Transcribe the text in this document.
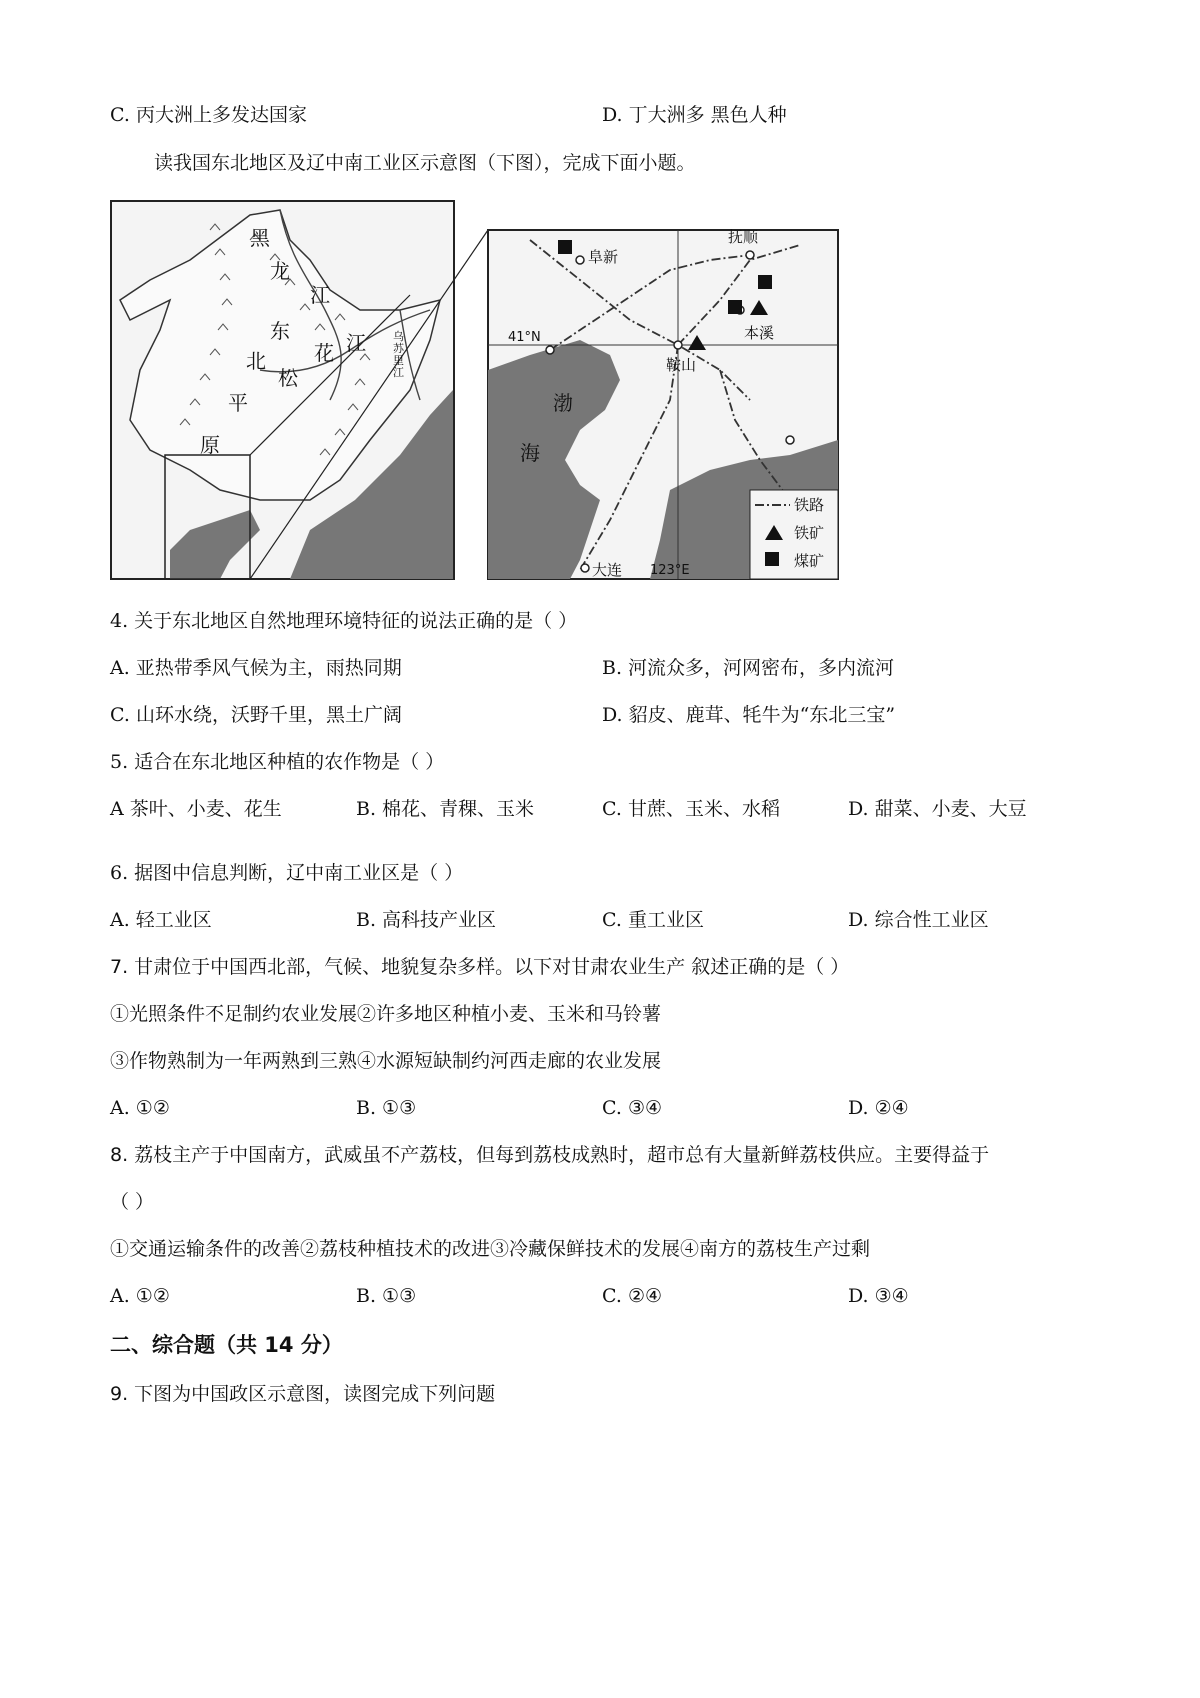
C. 丙大洲上多发达国家	D. 丁大洲多 黑色人种
读我国东北地区及辽中南工业区示意图（下图），完成下面小题。
黑
龙
江
东
北
松
花 江
平
原
乌
苏
里
江
阜新
抚顺
本溪
鞍山
大连
渤
海
41°N
123°E
铁路
铁矿
煤矿
4. 关于东北地区自然地理环境特征的说法正确的是（ ）
A. 亚热带季风气候为主，雨热同期	B. 河流众多，河网密布，多内流河
C. 山环水绕，沃野千里，黑土广阔	D. 貂皮、鹿茸、牦牛为“东北三宝”
5. 适合在东北地区种植的农作物是（ ）
A 茶叶、小麦、花生	B. 棉花、青稞、玉米	C. 甘蔗、玉米、水稻	D. 甜菜、小麦、大豆
6. 据图中信息判断，辽中南工业区是（ ）
A. 轻工业区	B. 高科技产业区	C. 重工业区	D. 综合性工业区
7. 甘肃位于中国西北部，气候、地貌复杂多样。以下对甘肃农业生产 叙述正确的是（ ）
①光照条件不足制约农业发展②许多地区种植小麦、玉米和马铃薯
③作物熟制为一年两熟到三熟④水源短缺制约河西走廊的农业发展
A. ①②	B. ①③	C. ③④	D. ②④
8. 荔枝主产于中国南方，武威虽不产荔枝，但每到荔枝成熟时，超市总有大量新鲜荔枝供应。主要得益于
（ ）
①交通运输条件的改善②荔枝种植技术的改进③冷藏保鲜技术的发展④南方的荔枝生产过剩
A. ①②	B. ①③	C. ②④	D. ③④
二、综合题（共 14 分）
9. 下图为中国政区示意图，读图完成下列问题
